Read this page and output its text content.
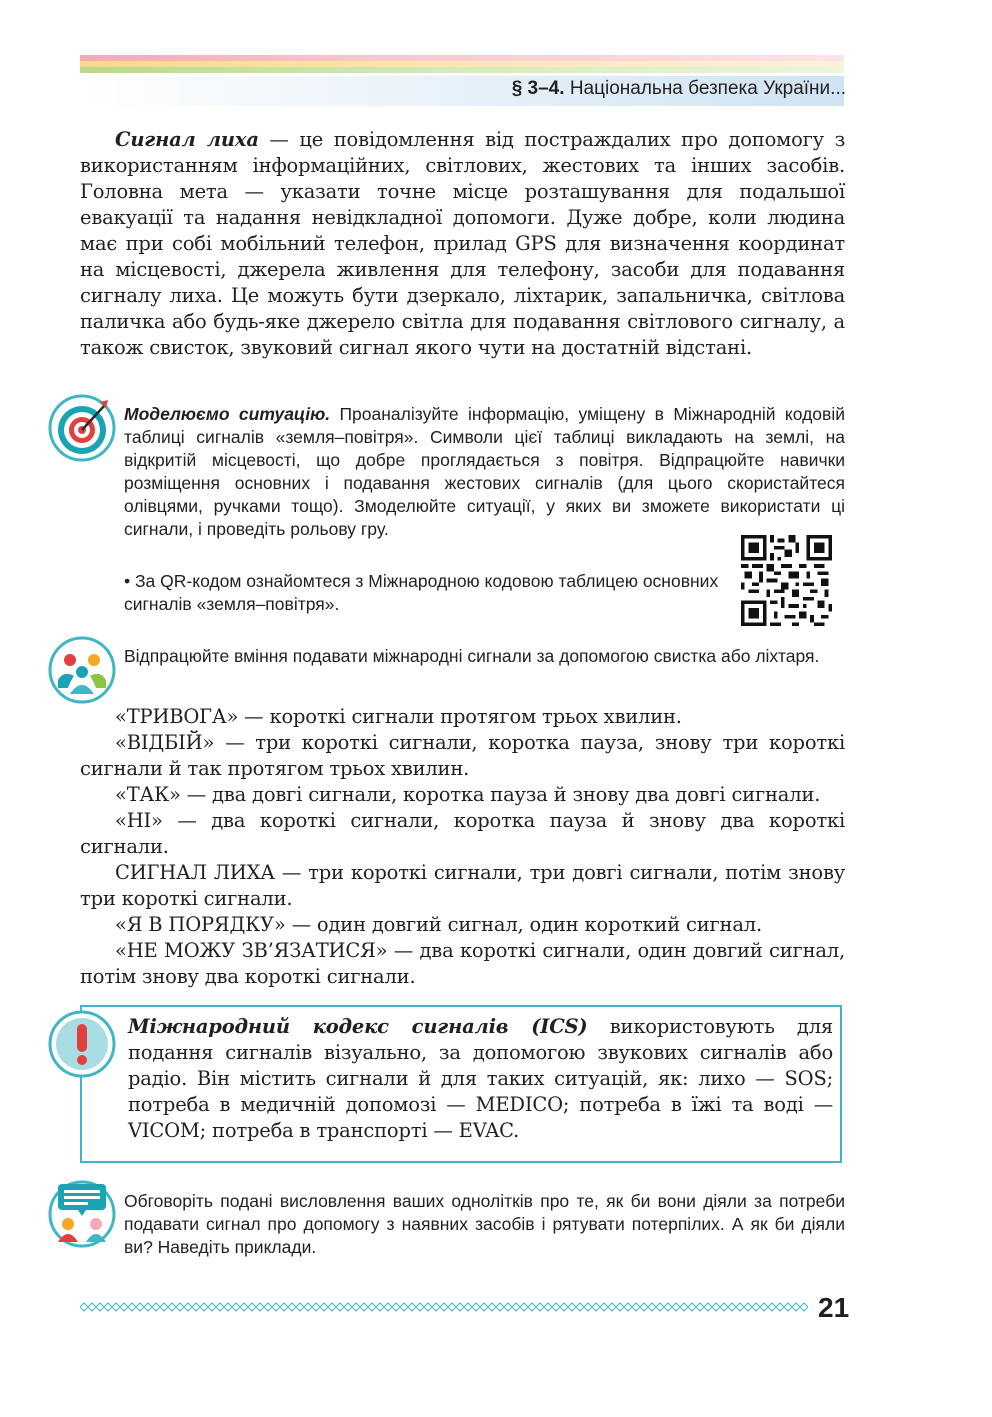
§ 3–4. Національна безпека України...
Сигнал лиха — це повідомлення від постраждалих про допомогу з використанням інформаційних, світлових, жестових та інших засобів. Головна мета — указати точне місце розташування для подальшої евакуації та надання невідкладної допомоги. Дуже добре, коли людина має при собі мобільний телефон, прилад GPS для визначення координат на місцевості, джерела живлення для телефону, засоби для подавання сигналу лиха. Це можуть бути дзеркало, ліхтарик, запальничка, світлова паличка або будь-яке джерело світла для подавання світлового сигналу, а також свисток, звуковий сигнал якого чути на достатній відстані.
Моделюємо ситуацію. Проаналізуйте інформацію, уміщену в Міжнародній кодовій таблиці сигналів «земля–повітря». Символи цієї таблиці викладають на землі, на відкритій місцевості, що добре проглядається з повітря. Відпрацюйте навички розміщення основних і подавання жестових сигналів (для цього скористайтеся олівцями, ручками тощо). Змоделюйте ситуації, у яких ви зможете використати ці сигнали, і проведіть рольову гру.
• За QR-кодом ознайомтеся з Міжнародною кодовою таблицею основних сигналів «земля–повітря».
Відпрацюйте вміння подавати міжнародні сигнали за допомогою свистка або ліхтаря.

«ТРИВОГА» — короткі сигнали протягом трьох хвилин.

«ВІДБІЙ» — три короткі сигнали, коротка пауза, знову три короткі сигнали й так протягом трьох хвилин.

«ТАК» — два довгі сигнали, коротка пауза й знову два довгі сигнали.

«НІ» — два короткі сигнали, коротка пауза й знову два короткі сигнали.

СИГНАЛ ЛИХА — три короткі сигнали, три довгі сигнали, потім знову три короткі сигнали.

«Я В ПОРЯДКУ» — один довгий сигнал, один короткий сигнал.

«НЕ МОЖУ ЗВ’ЯЗАТИСЯ» — два короткі сигнали, один довгий сигнал, потім знову два короткі сигнали.

Міжнародний кодекс сигналів (ICS) використовують для подання сигналів візуально, за допомогою звукових сигналів або радіо. Він містить сигнали й для таких ситуацій, як: лихо — SOS; потреба в медичній допомозі — MEDICO; потреба в їжі та воді — VICOM; потреба в транспорті — EVAC.
Обговоріть подані висловлення ваших однолітків про те, як би вони діяли за потреби подавати сигнал про допомогу з наявних засобів і рятувати потерпілих. А як би діяли ви? Наведіть приклади.
21
